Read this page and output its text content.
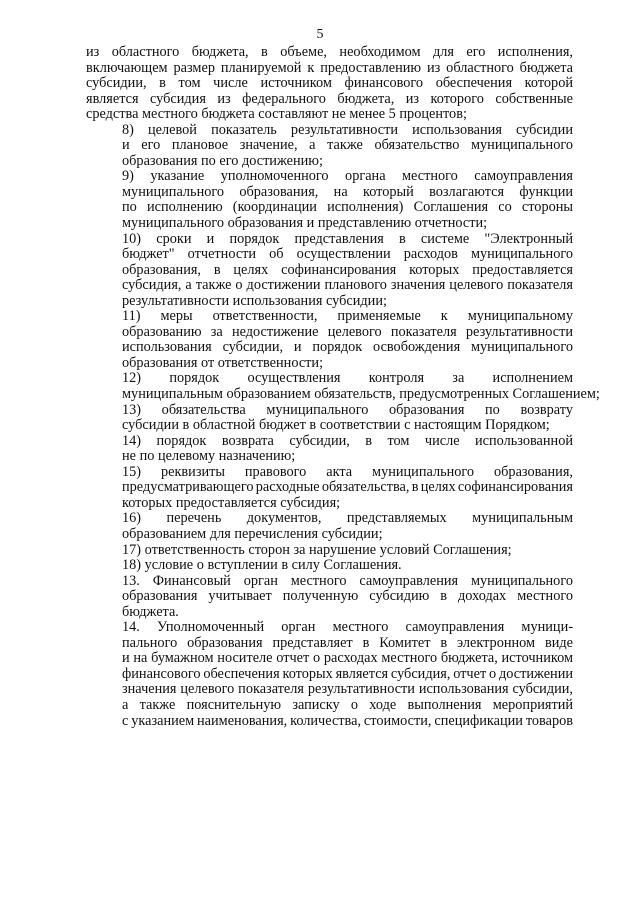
5
из областного бюджета, в объеме, необходимом для его исполнения,
включающем размер планируемой к предоставлению из областного бюджета
субсидии, в том числе источником финансового обеспечения которой
является субсидия из федерального бюджета, из которого собственные
средства местного бюджета составляют не менее 5 процентов;
8) целевой показатель результативности использования субсидии
и его плановое значение, а также обязательство муниципального
образования по его достижению;
9) указание уполномоченного органа местного самоуправления
муниципального образования, на который возлагаются функции
по исполнению (координации исполнения) Соглашения со стороны
муниципального образования и представлению отчетности;
10) сроки и порядок представления в системе "Электронный
бюджет" отчетности об осуществлении расходов муниципального
образования, в целях софинансирования которых предоставляется
субсидия, а также о достижении планового значения целевого показателя
результативности использования субсидии;
11) меры ответственности, применяемые к муниципальному
образованию за недостижение целевого показателя результативности
использования субсидии, и порядок освобождения муниципального
образования от ответственности;
12) порядок осуществления контроля за исполнением
муниципальным образованием обязательств, предусмотренных Соглашением;
13) обязательства муниципального образования по возврату
субсидии в областной бюджет в соответствии с настоящим Порядком;
14) порядок возврата субсидии, в том числе использованной
не по целевому назначению;
15) реквизиты правового акта муниципального образования,
предусматривающего расходные обязательства, в целях софинансирования
которых предоставляется субсидия;
16) перечень документов, представляемых муниципальным
образованием для перечисления субсидии;
17) ответственность сторон за нарушение условий Соглашения;
18) условие о вступлении в силу Соглашения.
13. Финансовый орган местного самоуправления муниципального
образования учитывает полученную субсидию в доходах местного
бюджета.
14. Уполномоченный орган местного самоуправления муници-
пального образования представляет в Комитет в электронном виде
и на бумажном носителе отчет о расходах местного бюджета, источником
финансового обеспечения которых является субсидия, отчет о достижении
значения целевого показателя результативности использования субсидии,
а также пояснительную записку о ходе выполнения мероприятий
с указанием наименования, количества, стоимости, спецификации товаров
